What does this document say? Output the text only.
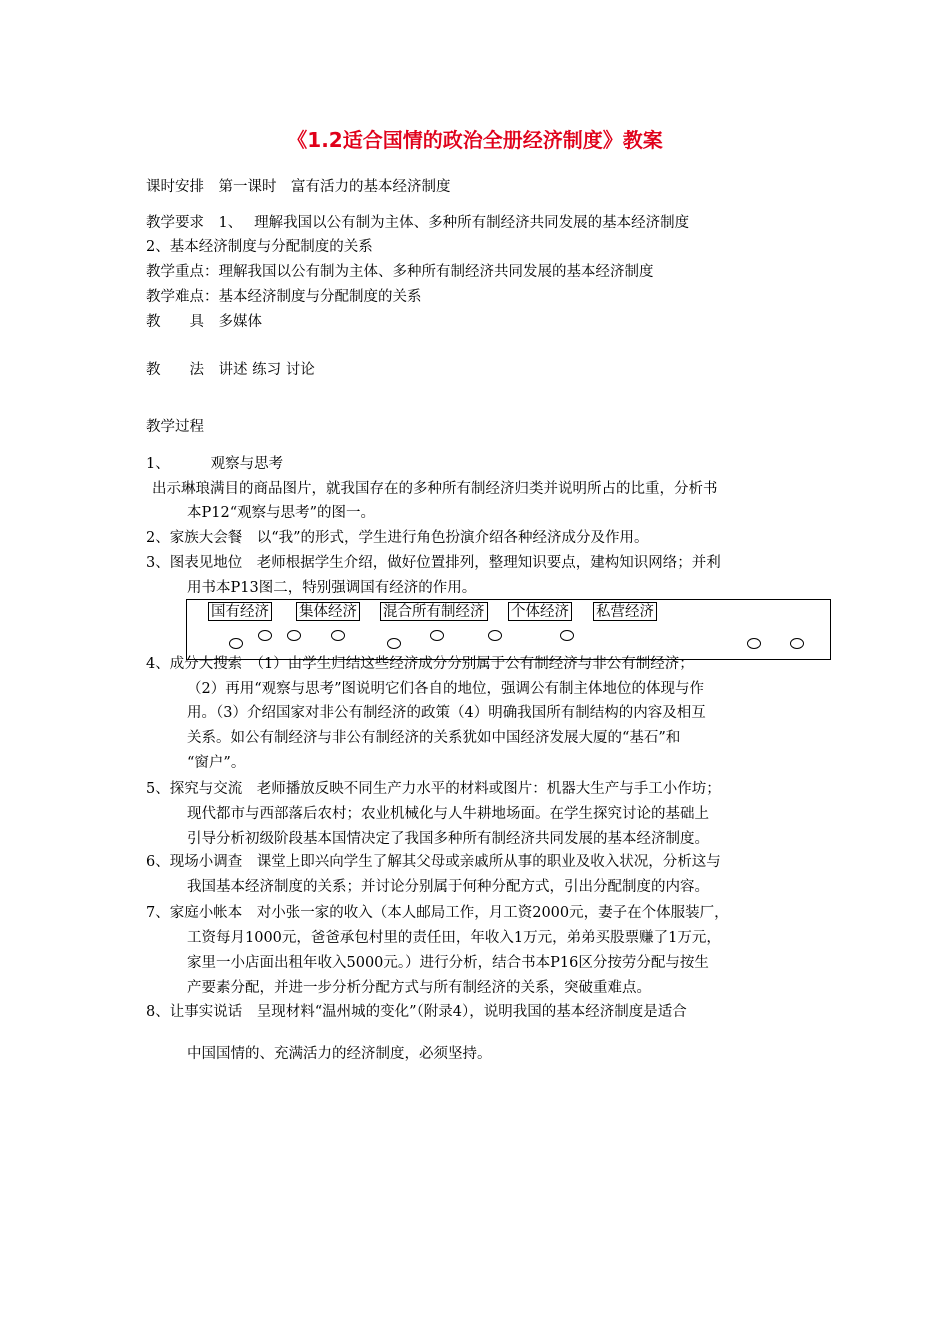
《1.2适合国情的政治全册经济制度》教案
课时安排　第一课时　富有活力的基本经济制度
教学要求　1、　 理解我国以公有制为主体、多种所有制经济共同发展的基本经济制度
2、基本经济制度与分配制度的关系
教学重点：理解我国以公有制为主体、多种所有制经济共同发展的基本经济制度
教学难点：基本经济制度与分配制度的关系
教　　具　多媒体
教　　法　讲述 练习 讨论
教学过程
1、　　　 观察与思考
出示琳琅满目的商品图片，就我国存在的多种所有制经济归类并说明所占的比重，分析书
本P12“观察与思考”的图一。
2、家族大会餐　以“我”的形式，学生进行角色扮演介绍各种经济成分及作用。
3、图表见地位　老师根据学生介绍，做好位置排列，整理知识要点，建构知识网络；并利
用书本P13图二，特别强调国有经济的作用。
国有经济 集体经济 混合所有制经济 个体经济 私营经济
4、成分大搜索　（1）由学生归结这些经济成分分别属于公有制经济与非公有制经济；
（2）再用“观察与思考”图说明它们各自的地位，强调公有制主体地位的体现与作
用。（3）介绍国家对非公有制经济的政策（4）明确我国所有制结构的内容及相互
关系。如公有制经济与非公有制经济的关系犹如中国经济发展大厦的“基石”和
“窗户”。
5、探究与交流　老师播放反映不同生产力水平的材料或图片：机器大生产与手工小作坊；
现代都市与西部落后农村；农业机械化与人牛耕地场面。在学生探究讨论的基础上
引导分析初级阶段基本国情决定了我国多种所有制经济共同发展的基本经济制度。
6、现场小调查　课堂上即兴向学生了解其父母或亲戚所从事的职业及收入状况，分析这与
我国基本经济制度的关系；并讨论分别属于何种分配方式，引出分配制度的内容。
7、家庭小帐本　对小张一家的收入（本人邮局工作，月工资2000元，妻子在个体服装厂，
工资每月1000元，爸爸承包村里的责任田，年收入1万元，弟弟买股票赚了1万元，
家里一小店面出租年收入5000元。）进行分析，结合书本P16区分按劳分配与按生
产要素分配，并进一步分析分配方式与所有制经济的关系，突破重难点。
8、让事实说话　呈现材料“温州城的变化”（附录4），说明我国的基本经济制度是适合
中国国情的、充满活力的经济制度，必须坚持。
